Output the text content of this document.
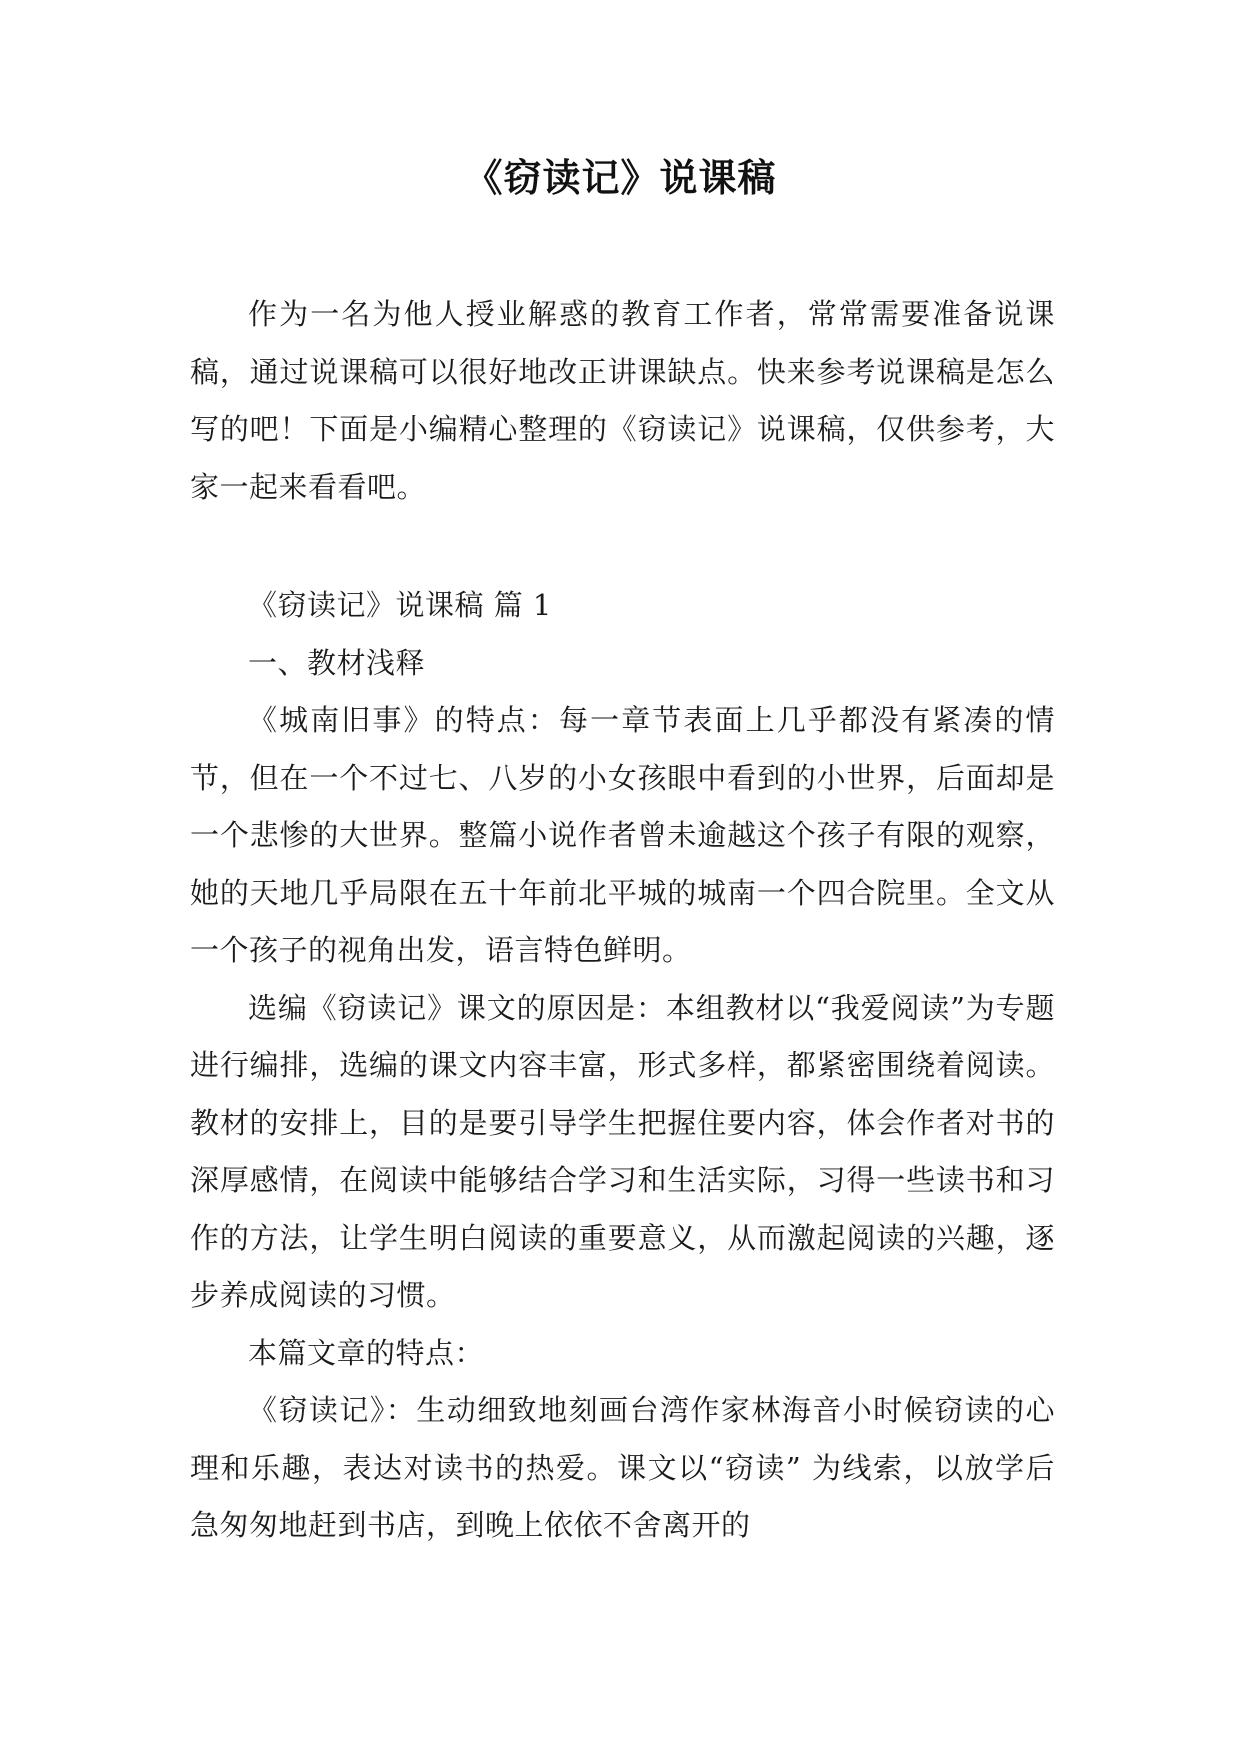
《窃读记》说课稿

作为一名为他人授业解惑的教育工作者，常常需要准备说课稿，通过说课稿可以很好地改正讲课缺点。快来参考说课稿是怎么写的吧！下面是小编精心整理的《窃读记》说课稿，仅供参考，大家一起来看看吧。

《窃读记》说课稿 篇 1

一、教材浅释

《城南旧事》的特点：每一章节表面上几乎都没有紧凑的情节，但在一个不过七、八岁的小女孩眼中看到的小世界，后面却是一个悲惨的大世界。整篇小说作者曾未逾越这个孩子有限的观察，她的天地几乎局限在五十年前北平城的城南一个四合院里。全文从一个孩子的视角出发，语言特色鲜明。

选编《窃读记》课文的原因是：本组教材以“我爱阅读”为专题进行编排，选编的课文内容丰富，形式多样，都紧密围绕着阅读。教材的安排上，目的是要引导学生把握住要内容，体会作者对书的深厚感情，在阅读中能够结合学习和生活实际，习得一些读书和习作的方法，让学生明白阅读的重要意义，从而激起阅读的兴趣，逐步养成阅读的习惯。

本篇文章的特点：

《窃读记》：生动细致地刻画台湾作家林海音小时候窃读的心理和乐趣，表达对读书的热爱。课文以“窃读” 为线索，以放学后急匆匆地赶到书店，到晚上依依不舍离开的
